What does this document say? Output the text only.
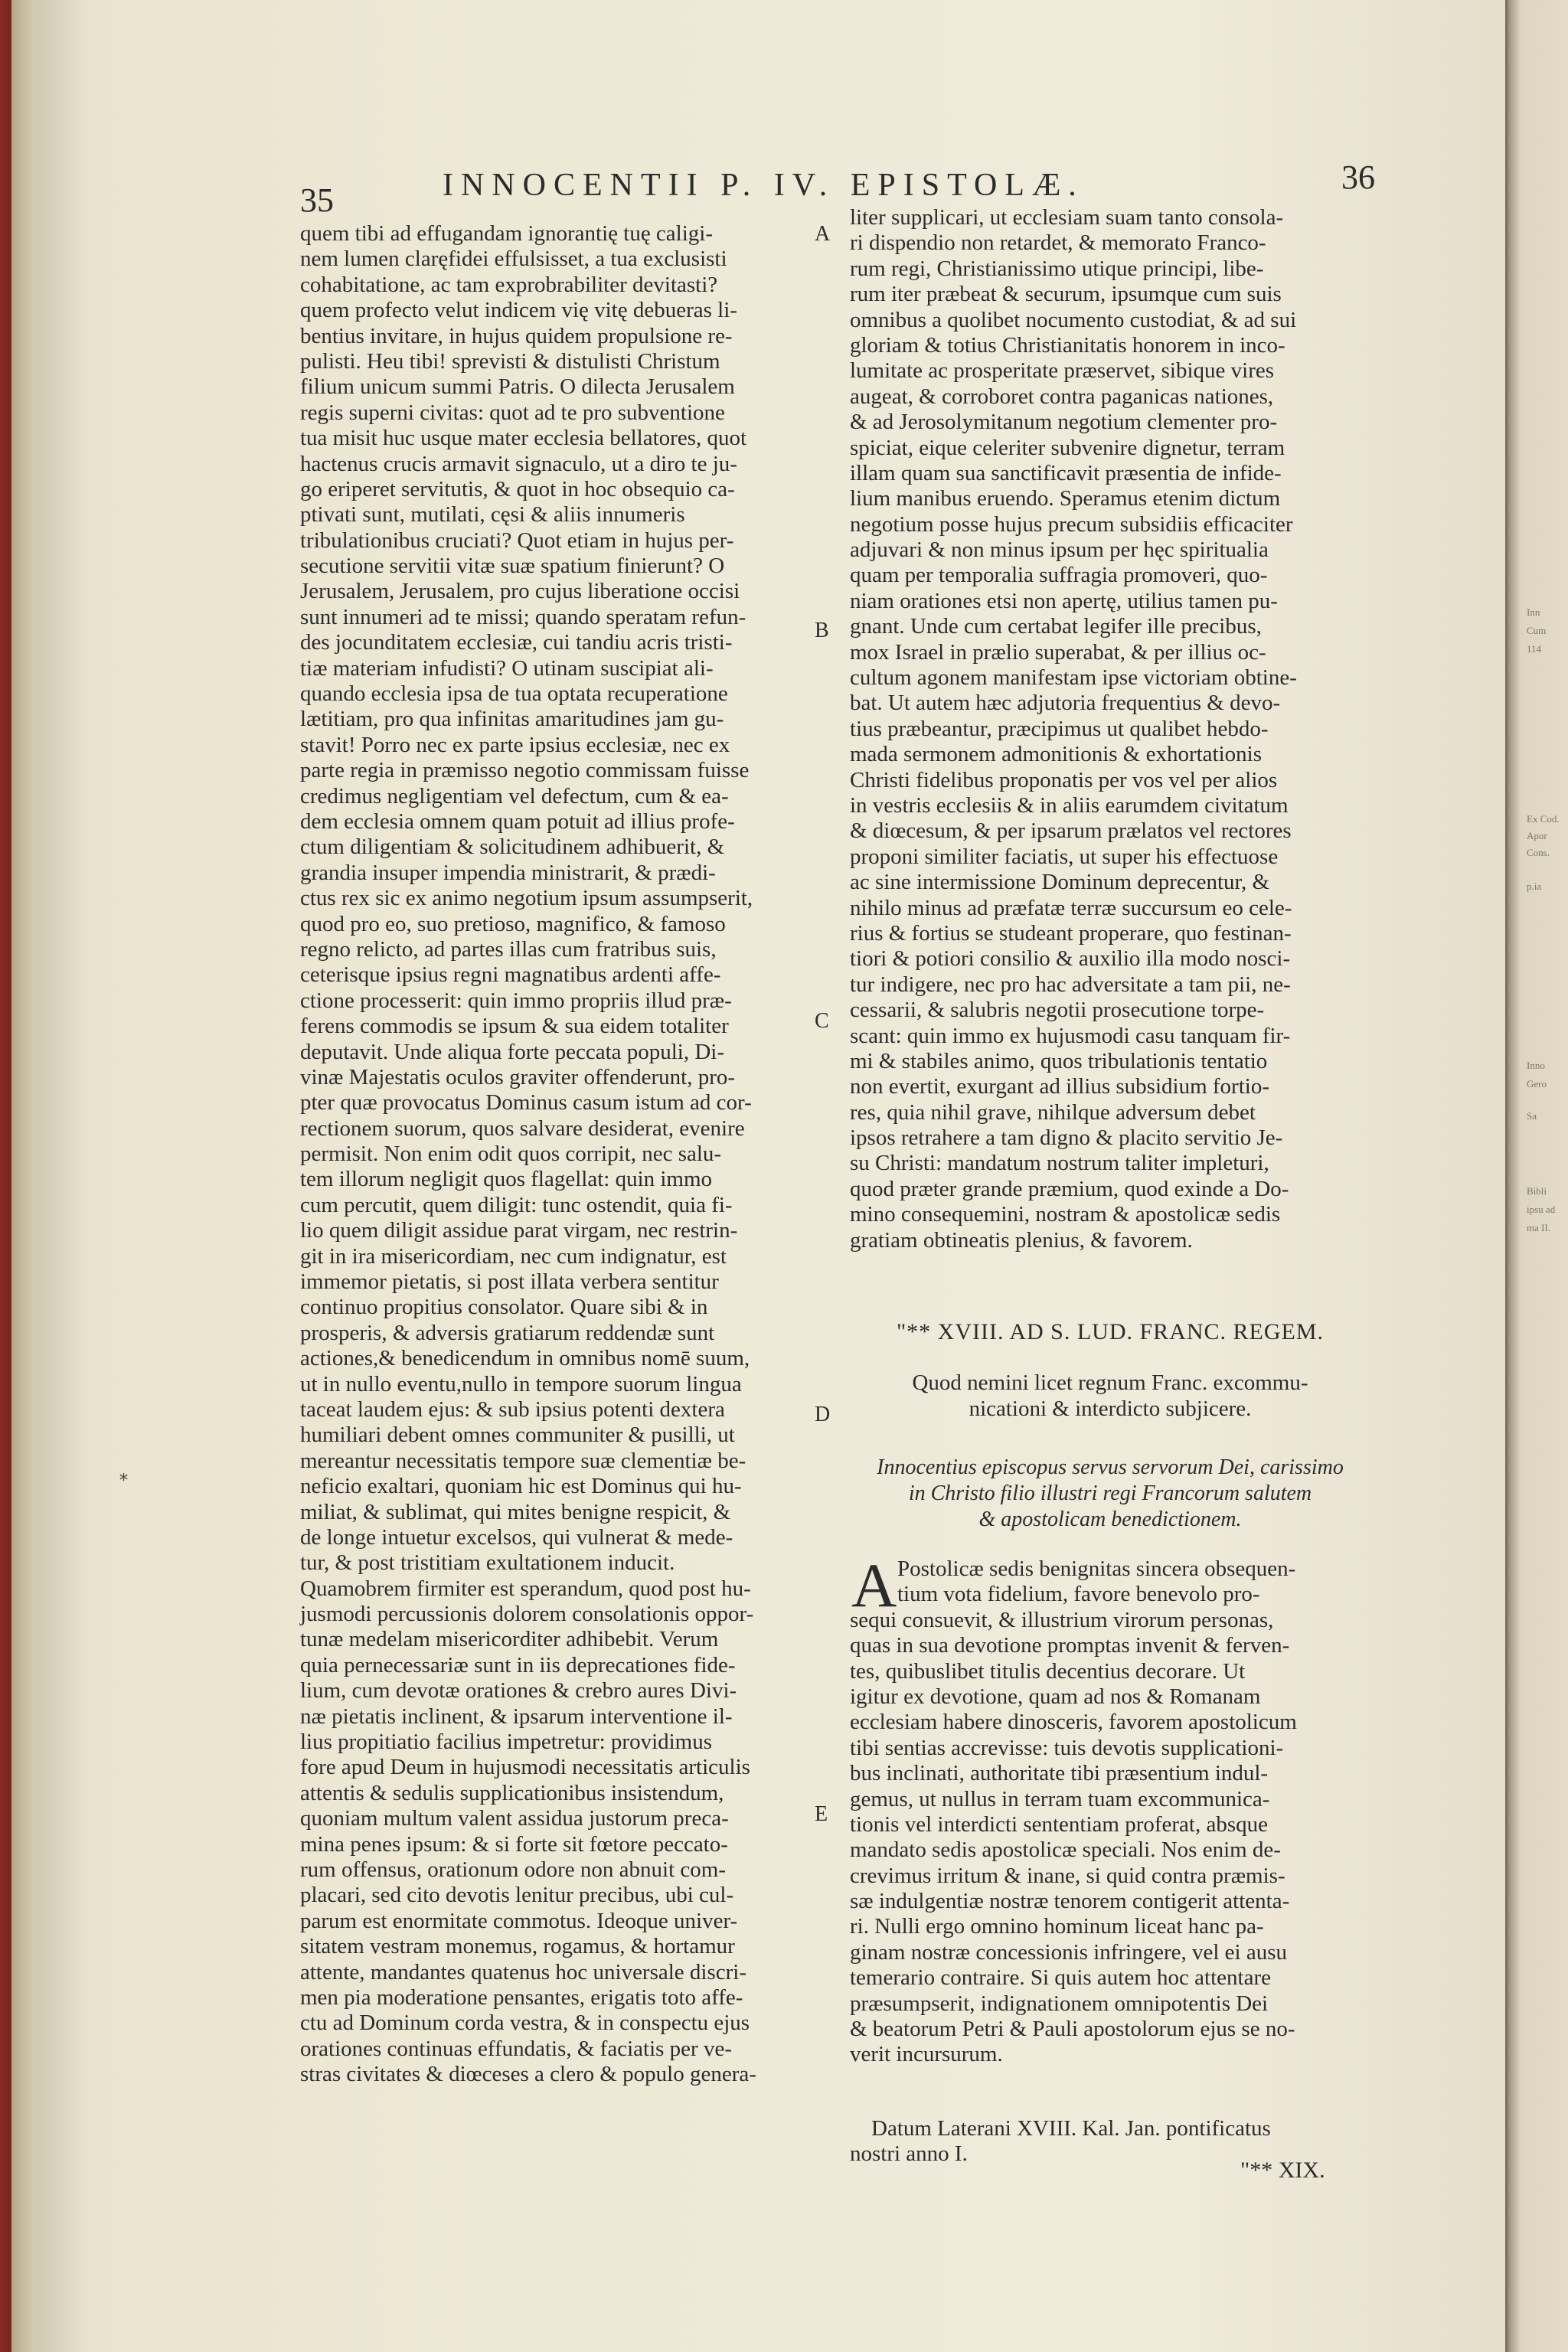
Inn
Cum
114
Ex Cod.
Apur
Cons.
p.ia
Inno
Gero
Sa
Bibli
ipsu ad
ma II.
35	INNOCENTII P. IV. EPISTOLÆ.	36
*
A
B
C
D
E
quem tibi ad effugandam ignorantię tuę caligi-
nem lumen claręfidei effulsisset, a tua exclusisti
cohabitatione, ac tam exprobrabiliter devitasti?
quem profecto velut indicem vię vitę debueras li-
bentius invitare, in hujus quidem propulsione re-
pulisti. Heu tibi! sprevisti & distulisti Christum
filium unicum summi Patris. O dilecta Jerusalem
regis superni civitas: quot ad te pro subventione
tua misit huc usque mater ecclesia bellatores, quot
hactenus crucis armavit signaculo, ut a diro te ju-
go eriperet servitutis, & quot in hoc obsequio ca-
ptivati sunt, mutilati, cęsi & aliis innumeris
tribulationibus cruciati? Quot etiam in hujus per-
secutione servitii vitæ suæ spatium finierunt? O
Jerusalem, Jerusalem, pro cujus liberatione occisi
sunt innumeri ad te missi; quando speratam refun-
des jocunditatem ecclesiæ, cui tandiu acris tristi-
tiæ materiam infudisti? O utinam suscipiat ali-
quando ecclesia ipsa de tua optata recuperatione
lætitiam, pro qua infinitas amaritudines jam gu-
stavit! Porro nec ex parte ipsius ecclesiæ, nec ex
parte regia in præmisso negotio commissam fuisse
credimus negligentiam vel defectum, cum & ea-
dem ecclesia omnem quam potuit ad illius profe-
ctum diligentiam & solicitudinem adhibuerit, &
grandia insuper impendia ministrarit, & prædi-
ctus rex sic ex animo negotium ipsum assumpserit,
quod pro eo, suo pretioso, magnifico, & famoso
regno relicto, ad partes illas cum fratribus suis,
ceterisque ipsius regni magnatibus ardenti affe-
ctione processerit: quin immo propriis illud præ-
ferens commodis se ipsum & sua eidem totaliter
deputavit. Unde aliqua forte peccata populi, Di-
vinæ Majestatis oculos graviter offenderunt, pro-
pter quæ provocatus Dominus casum istum ad cor-
rectionem suorum, quos salvare desiderat, evenire
permisit. Non enim odit quos corripit, nec salu-
tem illorum negligit quos flagellat: quin immo
cum percutit, quem diligit: tunc ostendit, quia fi-
lio quem diligit assidue parat virgam, nec restrin-
git in ira misericordiam, nec cum indignatur, est
immemor pietatis, si post illata verbera sentitur
continuo propitius consolator. Quare sibi & in
prosperis, & adversis gratiarum reddendæ sunt
actiones,& benedicendum in omnibus nomē suum,
ut in nullo eventu,nullo in tempore suorum lingua
taceat laudem ejus: & sub ipsius potenti dextera
humiliari debent omnes communiter & pusilli, ut
mereantur necessitatis tempore suæ clementiæ be-
neficio exaltari, quoniam hic est Dominus qui hu-
miliat, & sublimat, qui mites benigne respicit, &
de longe intuetur excelsos, qui vulnerat & mede-
tur, & post tristitiam exultationem inducit.
Quamobrem firmiter est sperandum, quod post hu-
jusmodi percussionis dolorem consolationis oppor-
tunæ medelam misericorditer adhibebit. Verum
quia pernecessariæ sunt in iis deprecationes fide-
lium, cum devotæ orationes & crebro aures Divi-
næ pietatis inclinent, & ipsarum interventione il-
lius propitiatio facilius impetretur: providimus
fore apud Deum in hujusmodi necessitatis articulis
attentis & sedulis supplicationibus insistendum,
quoniam multum valent assidua justorum preca-
mina penes ipsum: & si forte sit fœtore peccato-
rum offensus, orationum odore non abnuit com-
placari, sed cito devotis lenitur precibus, ubi cul-
parum est enormitate commotus. Ideoque univer-
sitatem vestram monemus, rogamus, & hortamur
attente, mandantes quatenus hoc universale discri-
men pia moderatione pensantes, erigatis toto affe-
ctu ad Dominum corda vestra, & in conspectu ejus
orationes continuas effundatis, & faciatis per ve-
stras civitates & diœceses a clero & populo genera-
liter supplicari, ut ecclesiam suam tanto consola-
ri dispendio non retardet, & memorato Franco-
rum regi, Christianissimo utique principi, libe-
rum iter præbeat & securum, ipsumque cum suis
omnibus a quolibet nocumento custodiat, & ad sui
gloriam & totius Christianitatis honorem in inco-
lumitate ac prosperitate præservet, sibique vires
augeat, & corroboret contra paganicas nationes,
& ad Jerosolymitanum negotium clementer pro-
spiciat, eique celeriter subvenire dignetur, terram
illam quam sua sanctificavit præsentia de infide-
lium manibus eruendo. Speramus etenim dictum
negotium posse hujus precum subsidiis efficaciter
adjuvari & non minus ipsum per hęc spiritualia
quam per temporalia suffragia promoveri, quo-
niam orationes etsi non apertę, utilius tamen pu-
gnant. Unde cum certabat legifer ille precibus,
mox Israel in prælio superabat, & per illius oc-
cultum agonem manifestam ipse victoriam obtine-
bat. Ut autem hæc adjutoria frequentius & devo-
tius præbeantur, præcipimus ut qualibet hebdo-
mada sermonem admonitionis & exhortationis
Christi fidelibus proponatis per vos vel per alios
in vestris ecclesiis & in aliis earumdem civitatum
& diœcesum, & per ipsarum prælatos vel rectores
proponi similiter faciatis, ut super his effectuose
ac sine intermissione Dominum deprecentur, &
nihilo minus ad præfatæ terræ succursum eo cele-
rius & fortius se studeant properare, quo festinan-
tiori & potiori consilio & auxilio illa modo nosci-
tur indigere, nec pro hac adversitate a tam pii, ne-
cessarii, & salubris negotii prosecutione torpe-
scant: quin immo ex hujusmodi casu tanquam fir-
mi & stabiles animo, quos tribulationis tentatio
non evertit, exurgant ad illius subsidium fortio-
res, quia nihil grave, nihilque adversum debet
ipsos retrahere a tam digno & placito servitio Je-
su Christi: mandatum nostrum taliter impleturi,
quod præter grande præmium, quod exinde a Do-
mino consequemini, nostram & apostolicæ sedis
gratiam obtineatis plenius, & favorem.
"** XVIII. AD S. LUD. FRANC. REGEM.
Quod nemini licet regnum Franc. excommu-
nicationi & interdicto subjicere.
Innocentius episcopus servus servorum Dei, carissimo
in Christo filio illustri regi Francorum salutem
& apostolicam benedictionem.
A Postolicæ sedis benignitas sincera obsequen-
tium vota fidelium, favore benevolo pro-
sequi consuevit, & illustrium virorum personas,
quas in sua devotione promptas invenit & ferven-
tes, quibuslibet titulis decentius decorare. Ut
igitur ex devotione, quam ad nos & Romanam
ecclesiam habere dinosceris, favorem apostolicum
tibi sentias accrevisse: tuis devotis supplicationi-
bus inclinati, authoritate tibi præsentium indul-
gemus, ut nullus in terram tuam excommunica-
tionis vel interdicti sententiam proferat, absque
mandato sedis apostolicæ speciali. Nos enim de-
crevimus irritum & inane, si quid contra præmis-
sæ indulgentiæ nostræ tenorem contigerit attenta-
ri. Nulli ergo omnino hominum liceat hanc pa-
ginam nostræ concessionis infringere, vel ei ausu
temerario contraire. Si quis autem hoc attentare
præsumpserit, indignationem omnipotentis Dei
& beatorum Petri & Pauli apostolorum ejus se no-
verit incursurum.
Datum Laterani XVIII. Kal. Jan. pontificatus
nostri anno I.
"** XIX.
